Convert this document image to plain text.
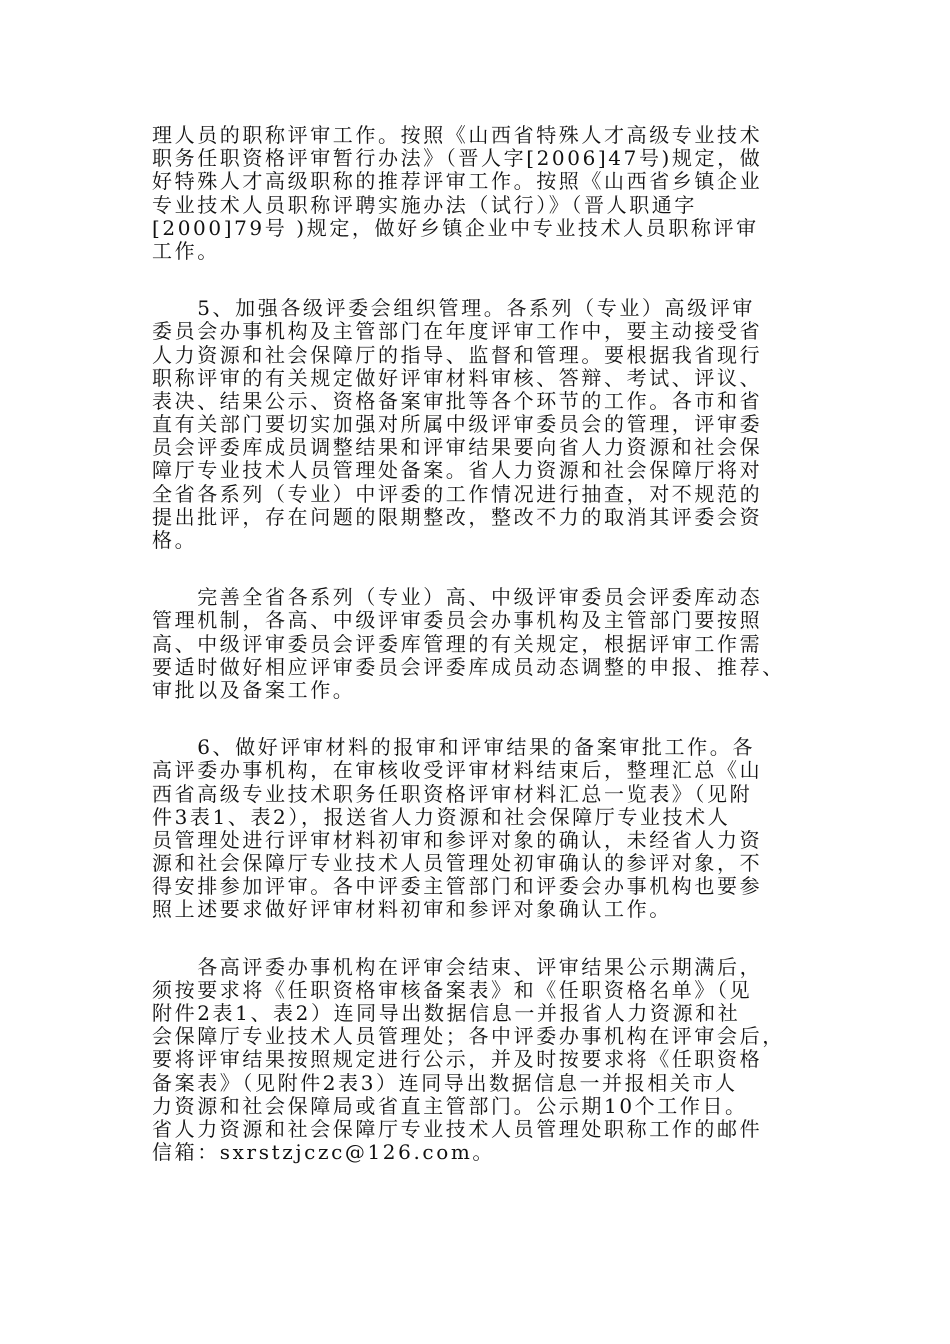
理人员的职称评审工作。按照《山西省特殊人才高级专业技术
职务任职资格评审暂行办法》（晋人字[2006]47号)规定，做
好特殊人才高级职称的推荐评审工作。按照《山西省乡镇企业
专业技术人员职称评聘实施办法（试行）》（晋人职通字
[2000]79号 )规定，做好乡镇企业中专业技术人员职称评审
工作。
　　5、加强各级评委会组织管理。各系列（专业）高级评审
委员会办事机构及主管部门在年度评审工作中，要主动接受省
人力资源和社会保障厅的指导、监督和管理。要根据我省现行
职称评审的有关规定做好评审材料审核、答辩、考试、评议、
表决、结果公示、资格备案审批等各个环节的工作。各市和省
直有关部门要切实加强对所属中级评审委员会的管理，评审委
员会评委库成员调整结果和评审结果要向省人力资源和社会保
障厅专业技术人员管理处备案。省人力资源和社会保障厅将对
全省各系列（专业）中评委的工作情况进行抽查，对不规范的
提出批评，存在问题的限期整改，整改不力的取消其评委会资
格。
　　完善全省各系列（专业）高、中级评审委员会评委库动态
管理机制，各高、中级评审委员会办事机构及主管部门要按照
高、中级评审委员会评委库管理的有关规定，根据评审工作需
要适时做好相应评审委员会评委库成员动态调整的申报、推荐、
审批以及备案工作。
　　6、做好评审材料的报审和评审结果的备案审批工作。各
高评委办事机构，在审核收受评审材料结束后，整理汇总《山
西省高级专业技术职务任职资格评审材料汇总一览表》（见附
件3表1、表2），报送省人力资源和社会保障厅专业技术人
员管理处进行评审材料初审和参评对象的确认，未经省人力资
源和社会保障厅专业技术人员管理处初审确认的参评对象，不
得安排参加评审。各中评委主管部门和评委会办事机构也要参
照上述要求做好评审材料初审和参评对象确认工作。
　　各高评委办事机构在评审会结束、评审结果公示期满后，
须按要求将《任职资格审核备案表》和《任职资格名单》（见
附件2表1、表2）连同导出数据信息一并报省人力资源和社
会保障厅专业技术人员管理处；各中评委办事机构在评审会后，
要将评审结果按照规定进行公示，并及时按要求将《任职资格
备案表》（见附件2表3）连同导出数据信息一并报相关市人
力资源和社会保障局或省直主管部门。公示期10个工作日。
省人力资源和社会保障厅专业技术人员管理处职称工作的邮件
信箱：sxrstzjczc@126.com。
